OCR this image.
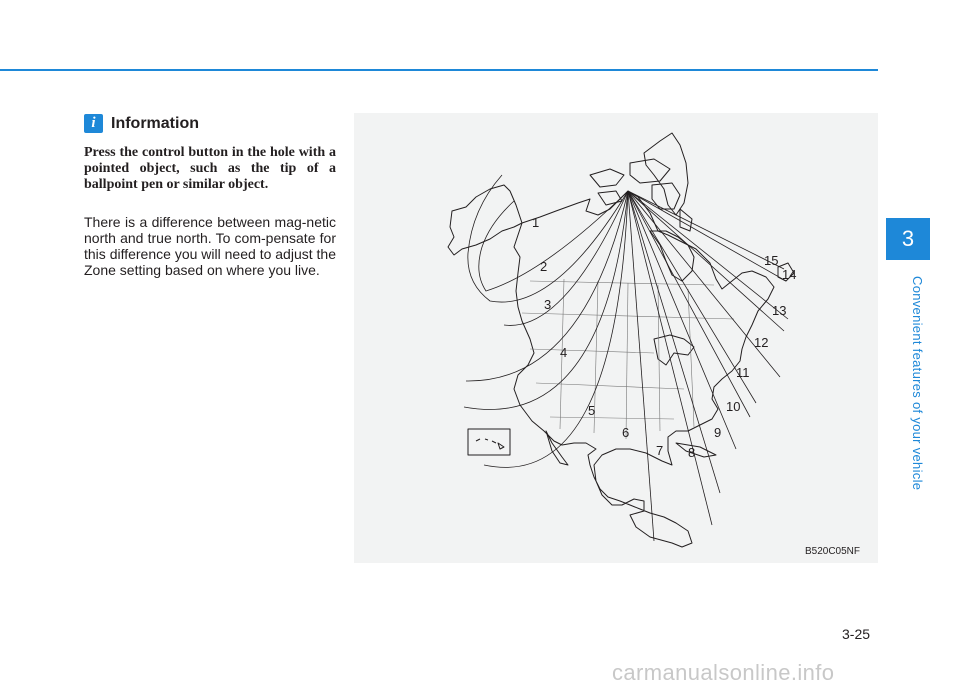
i Information
Press the control button in the hole with a pointed object, such as the tip of a ballpoint pen or similar object.
There is a difference between mag-netic north and true north. To com-pensate for this difference you will need to adjust the Zone setting based on where you live.
1
2
3
4
5
6
7 8
9
10
11
12
13
14
15
B520C05NF
3
Convenient features of your vehicle
3-25
carmanualsonline.info
